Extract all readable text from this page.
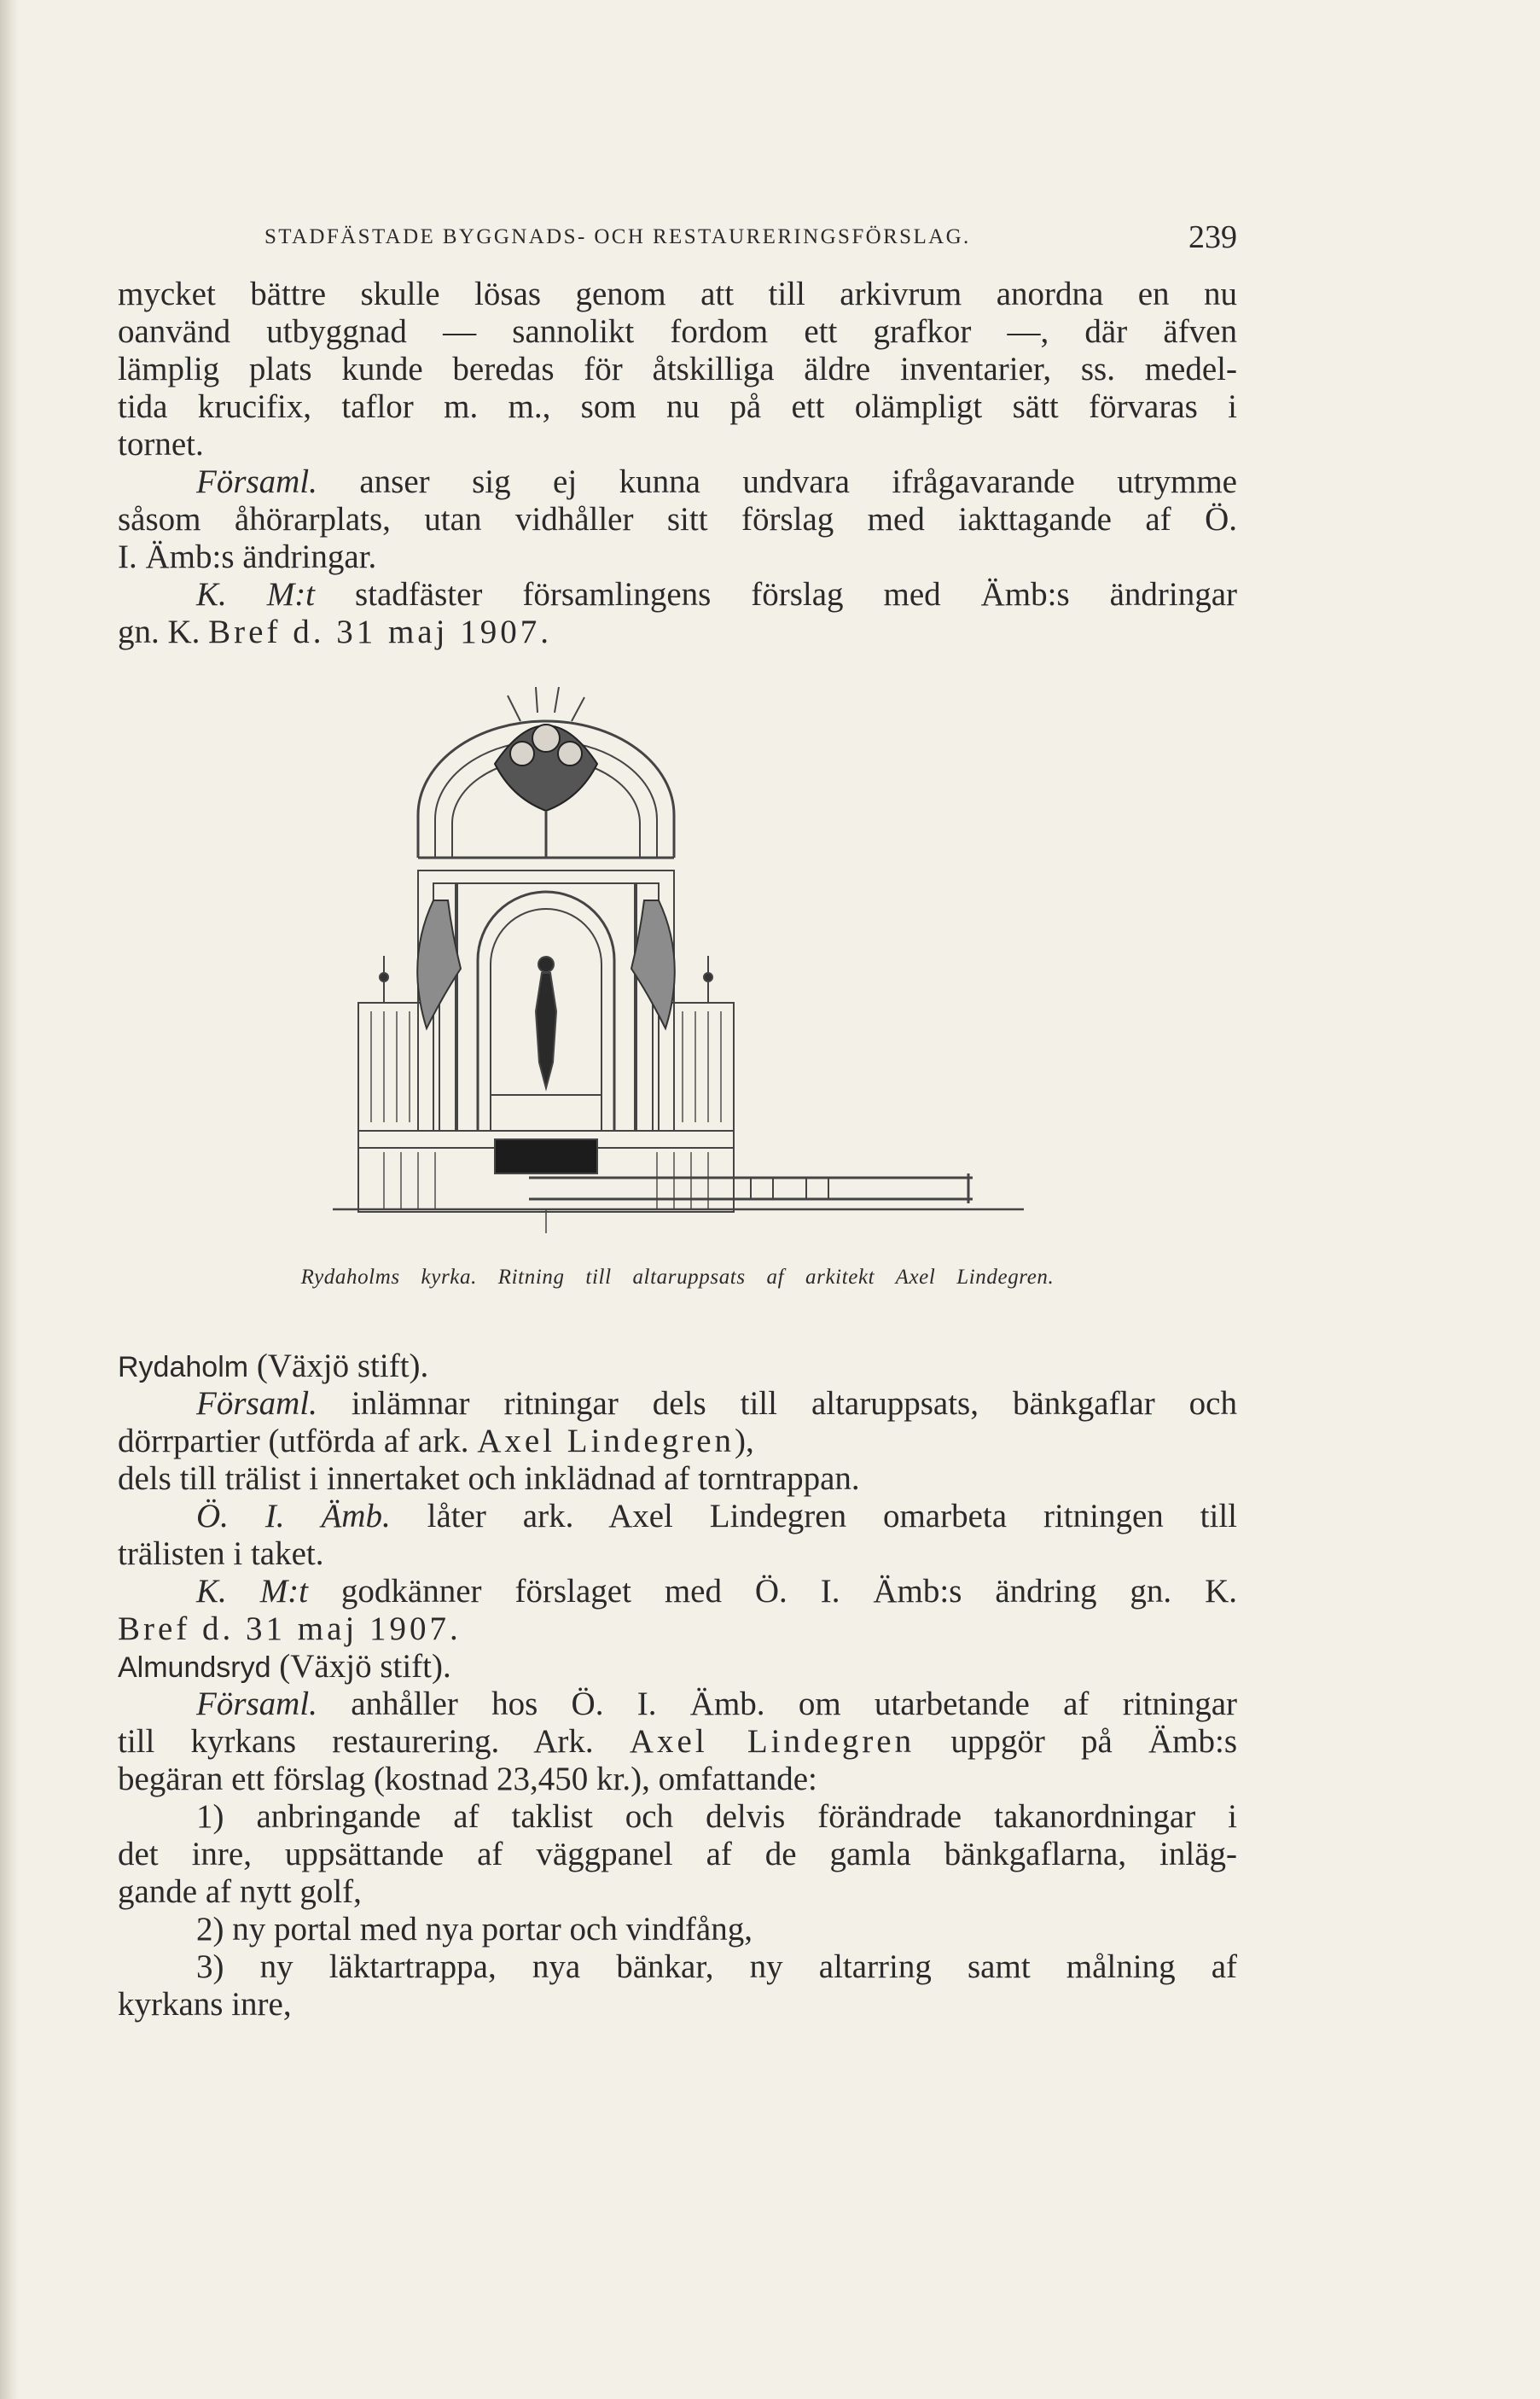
STADFÄSTADE BYGGNADS- OCH RESTAURERINGSFÖRSLAG.	239

mycket bättre skulle lösas genom att till arkivrum anordna en nu

oanvänd utbyggnad — sannolikt fordom ett grafkor —, där äfven

lämplig plats kunde beredas för åtskilliga äldre inventarier, ss. medel-

tida krucifix, taflor m. m., som nu på ett olämpligt sätt förvaras i

tornet.

Församl. anser sig ej kunna undvara ifrågavarande utrymme

såsom åhörarplats, utan vidhåller sitt förslag med iakttagande af Ö.

I. Ämb:s ändringar.

K. M:t stadfäster församlingens förslag med Ämb:s ändringar

gn. K. Bref d. 31 maj 1907.

Rydaholms kyrka. Ritning till altaruppsats af arkitekt Axel Lindegren.

Rydaholm (Växjö stift).

Församl. inlämnar ritningar dels till altaruppsats, bänkgaflar och

dörrpartier (utförda af ark. Axel Lindegren),

dels till trälist i innertaket och inklädnad af torntrappan.

Ö. I. Ämb. låter ark. Axel Lindegren omarbeta ritningen till

trälisten i taket.

K. M:t godkänner förslaget med Ö. I. Ämb:s ändring gn. K.

Bref d. 31 maj 1907.

Almundsryd (Växjö stift).

Församl. anhåller hos Ö. I. Ämb. om utarbetande af ritningar

till kyrkans restaurering. Ark. Axel Lindegren uppgör på Ämb:s

begäran ett förslag (kostnad 23,450 kr.), omfattande:

1) anbringande af taklist och delvis förändrade takanordningar i

det inre, uppsättande af väggpanel af de gamla bänkgaflarna, inläg-

gande af nytt golf,

2) ny portal med nya portar och vindfång,

3) ny läktartrappa, nya bänkar, ny altarring samt målning af

kyrkans inre,
